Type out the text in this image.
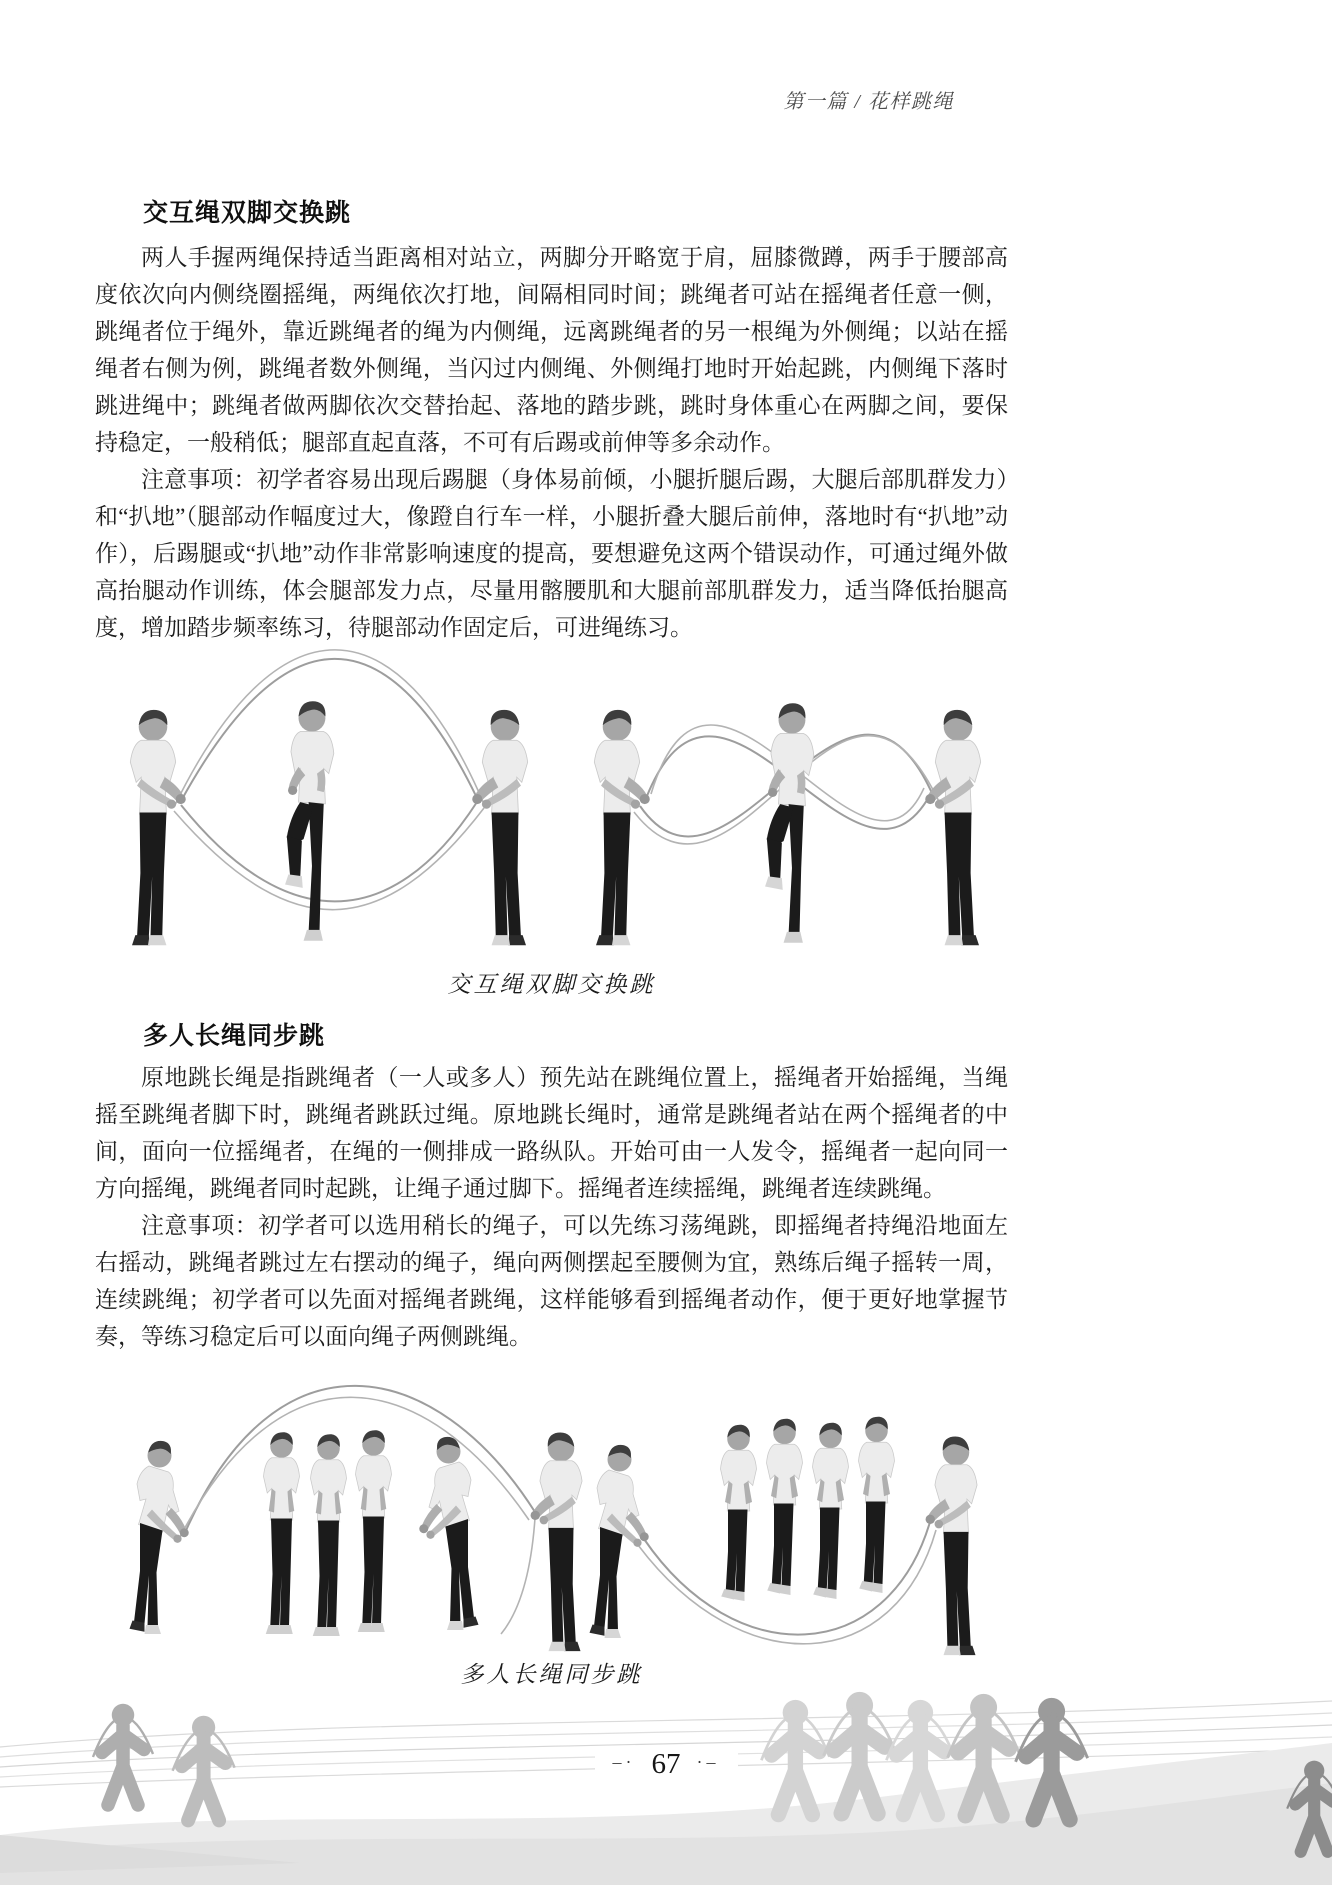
第一篇 / 花样跳绳
交互绳双脚交换跳

两人手握两绳保持适当距离相对站立，两脚分开略宽于肩，屈膝微蹲，两手于腰部高度依次向内侧绕圈摇绳，两绳依次打地，间隔相同时间；跳绳者可站在摇绳者任意一侧，跳绳者位于绳外，靠近跳绳者的绳为内侧绳，远离跳绳者的另一根绳为外侧绳；以站在摇绳者右侧为例，跳绳者数外侧绳，当闪过内侧绳、外侧绳打地时开始起跳，内侧绳下落时跳进绳中；跳绳者做两脚依次交替抬起、落地的踏步跳，跳时身体重心在两脚之间，要保持稳定，一般稍低；腿部直起直落，不可有后踢或前伸等多余动作。

注意事项：初学者容易出现后踢腿（身体易前倾，小腿折腿后踢，大腿后部肌群发力）和“扒地”（腿部动作幅度过大，像蹬自行车一样，小腿折叠大腿后前伸，落地时有“扒地”动作），后踢腿或“扒地”动作非常影响速度的提高，要想避免这两个错误动作，可通过绳外做高抬腿动作训练，体会腿部发力点，尽量用髂腰肌和大腿前部肌群发力，适当降低抬腿高度，增加踏步频率练习，待腿部动作固定后，可进绳练习。

交互绳双脚交换跳
多人长绳同步跳

原地跳长绳是指跳绳者（一人或多人）预先站在跳绳位置上，摇绳者开始摇绳，当绳摇至跳绳者脚下时，跳绳者跳跃过绳。原地跳长绳时，通常是跳绳者站在两个摇绳者的中间，面向一位摇绳者，在绳的一侧排成一路纵队。开始可由一人发令，摇绳者一起向同一方向摇绳，跳绳者同时起跳，让绳子通过脚下。摇绳者连续摇绳，跳绳者连续跳绳。

注意事项：初学者可以选用稍长的绳子，可以先练习荡绳跳，即摇绳者持绳沿地面左右摇动，跳绳者跳过左右摆动的绳子，绳向两侧摆起至腰侧为宜，熟练后绳子摇转一周，连续跳绳；初学者可以先面对摇绳者跳绳，这样能够看到摇绳者动作，便于更好地掌握节奏，等练习稳定后可以面向绳子两侧跳绳。

多人长绳同步跳
–· 67 ·–
